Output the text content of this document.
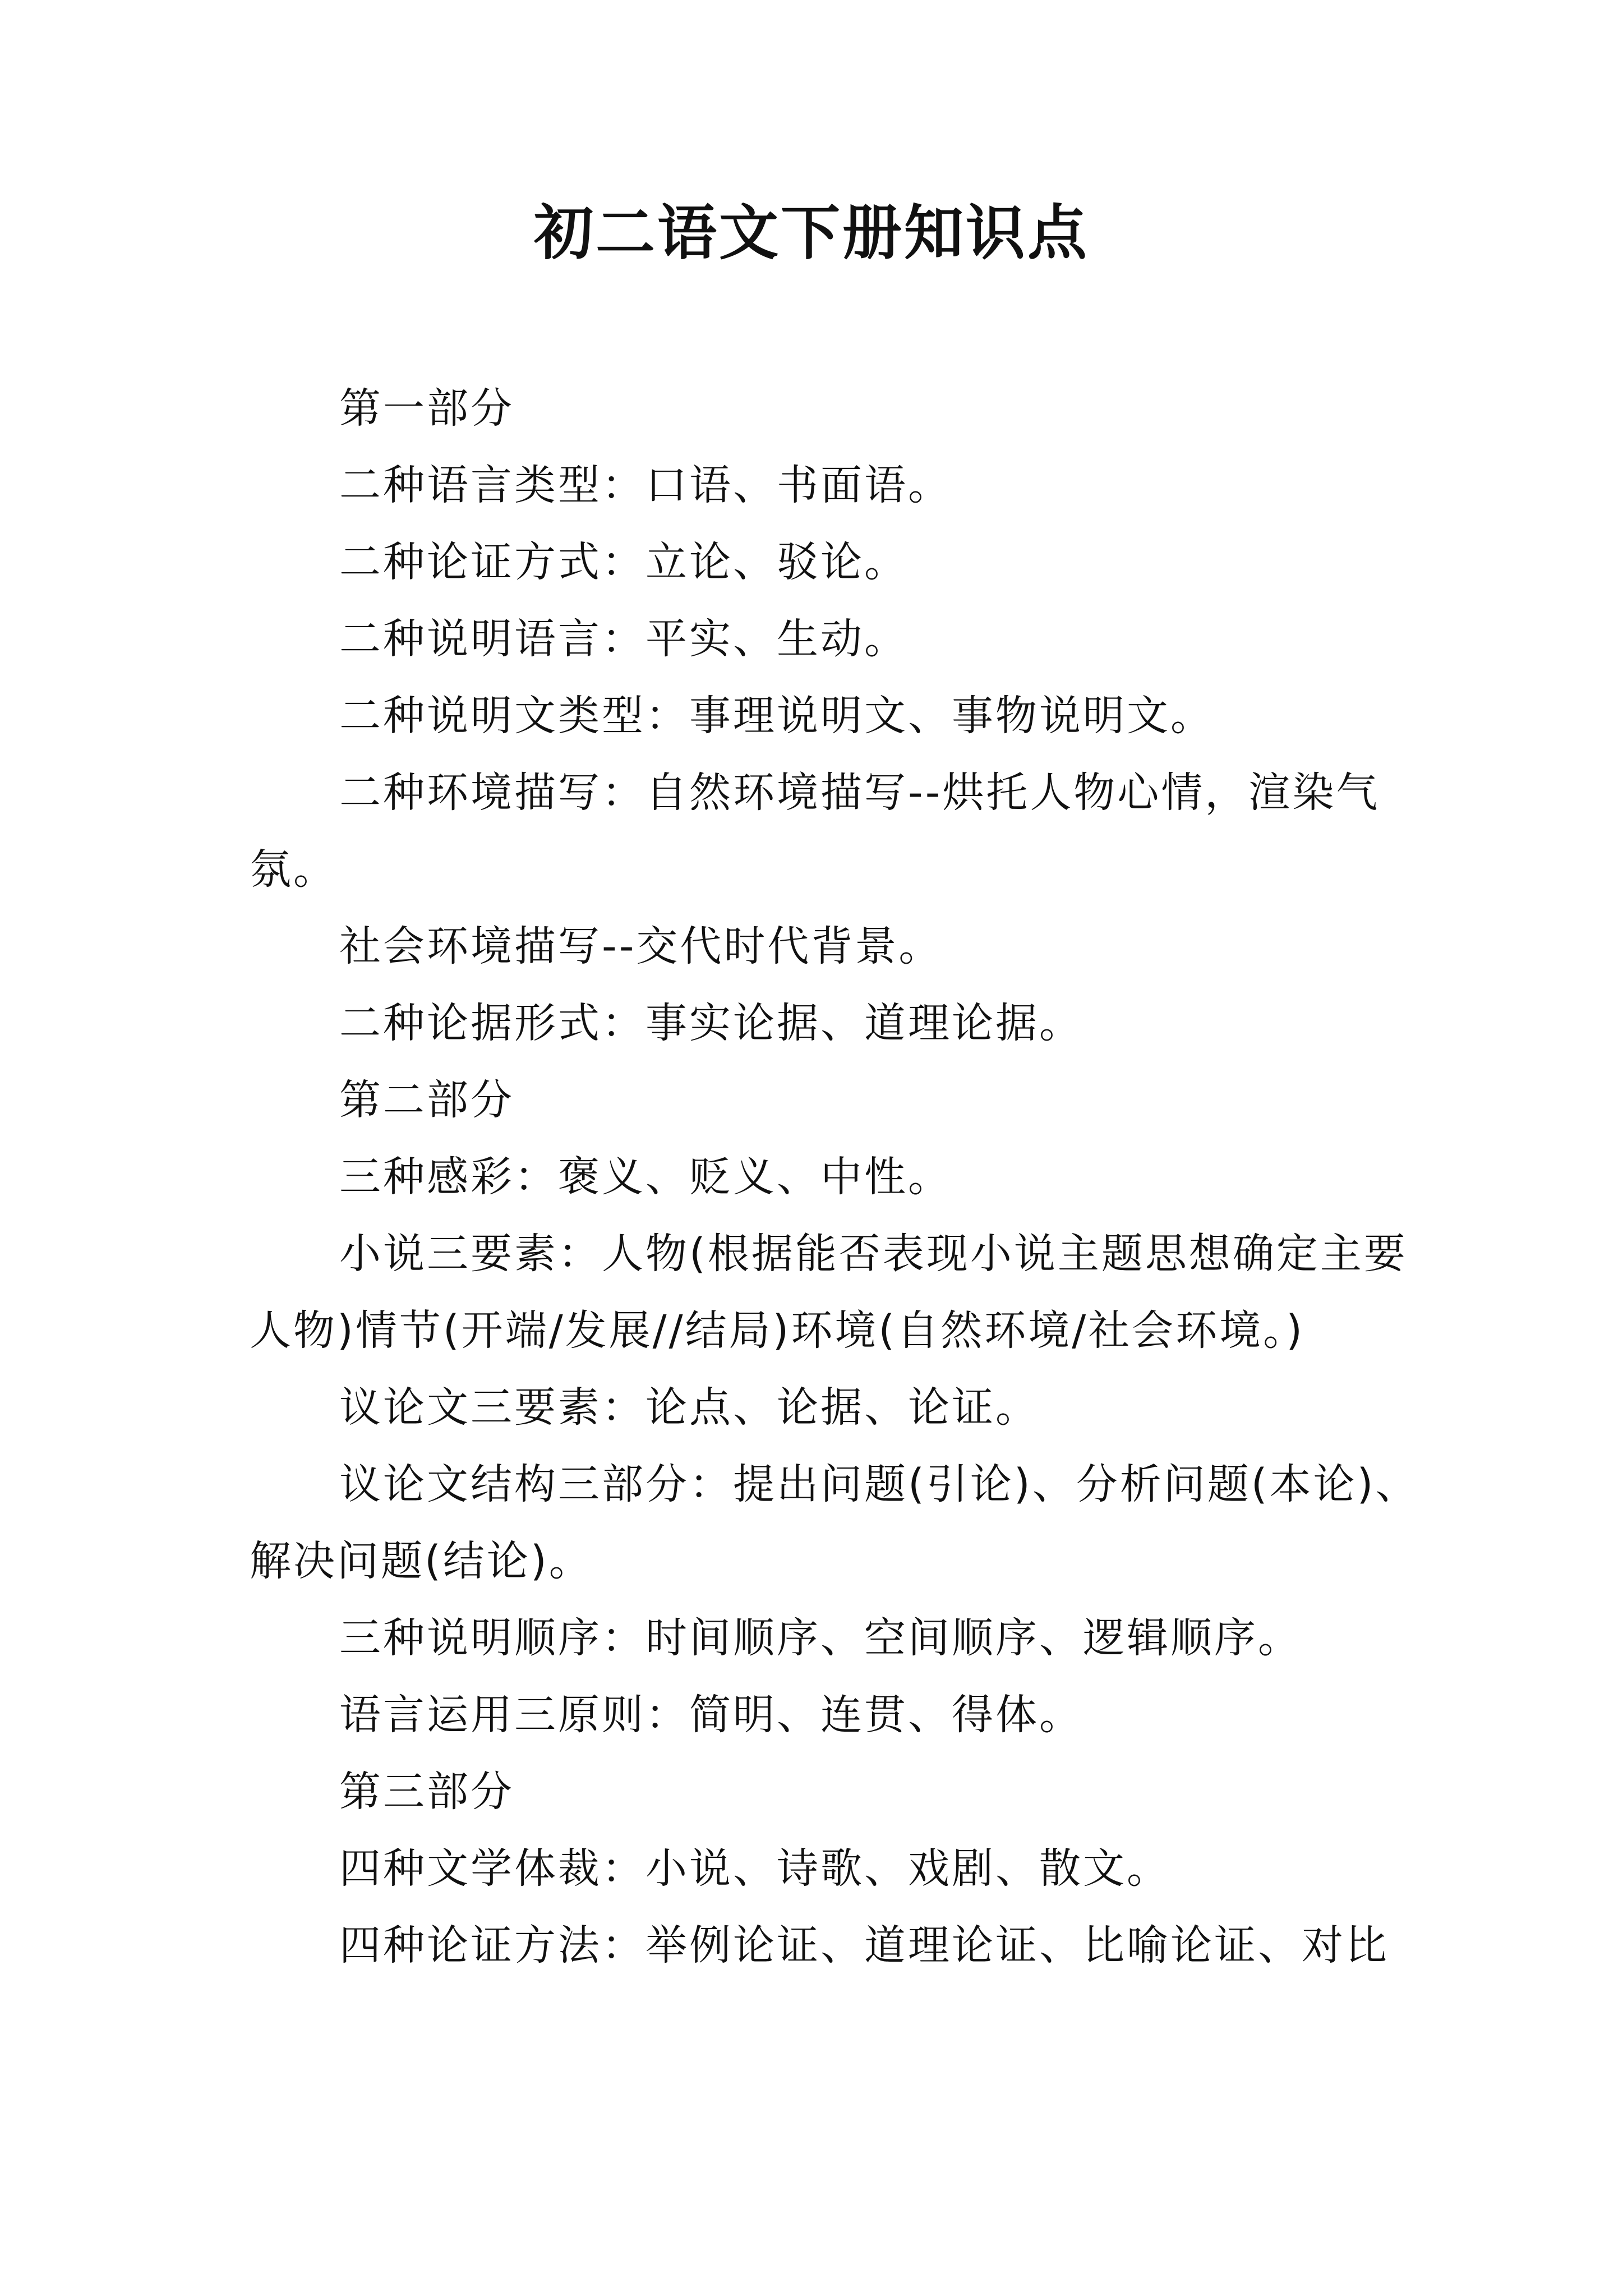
初二语文下册知识点

第一部分

二种语言类型：口语、书面语。

二种论证方式：立论、驳论。

二种说明语言：平实、生动。

二种说明文类型：事理说明文、事物说明文。

二种环境描写：自然环境描写--烘托人物心情，渲染气氛。

社会环境描写--交代时代背景。

二种论据形式：事实论据、道理论据。

第二部分

三种感彩：褒义、贬义、中性。

小说三要素：人物(根据能否表现小说主题思想确定主要人物)情节(开端/发展//结局)环境(自然环境/社会环境。)

议论文三要素：论点、论据、论证。

议论文结构三部分：提出问题(引论)、分析问题(本论)、解决问题(结论)。

三种说明顺序：时间顺序、空间顺序、逻辑顺序。

语言运用三原则：简明、连贯、得体。

第三部分

四种文学体裁：小说、诗歌、戏剧、散文。

四种论证方法：举例论证、道理论证、比喻论证、对比
